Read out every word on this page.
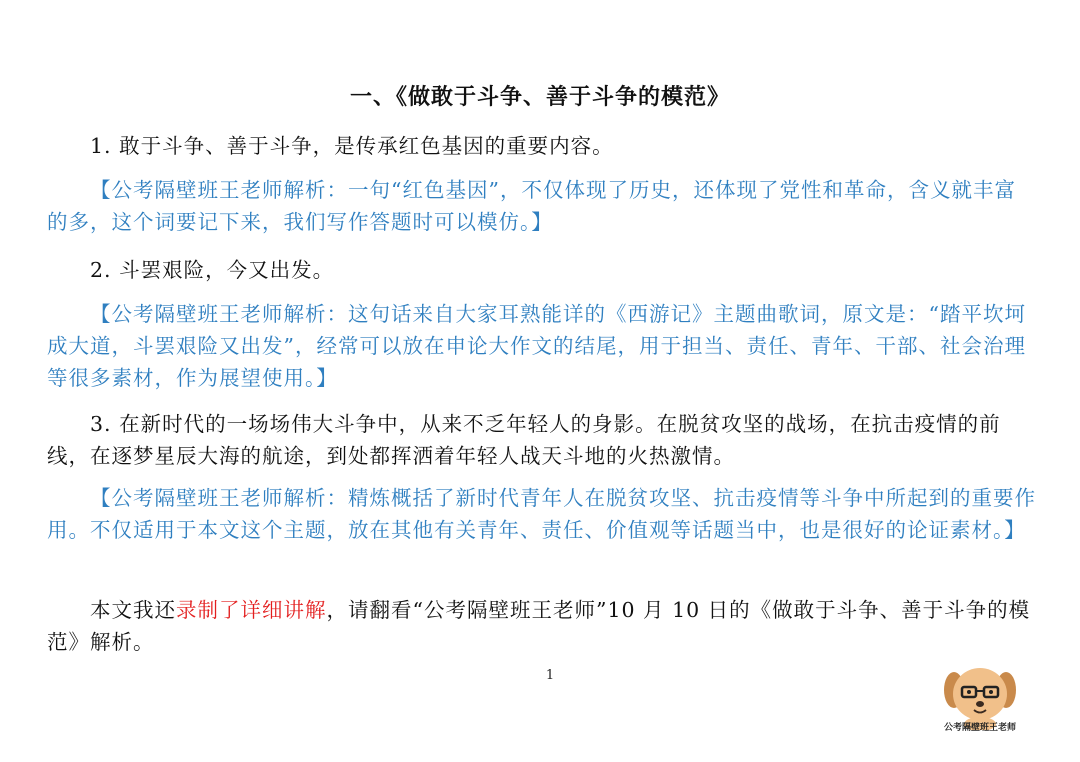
一、《做敢于斗争、善于斗争的模范》

1. 敢于斗争、善于斗争，是传承红色基因的重要内容。

【公考隔壁班王老师解析：一句“红色基因”，不仅体现了历史，还体现了党性和革命，含义就丰富的多，这个词要记下来，我们写作答题时可以模仿。】

2. 斗罢艰险，今又出发。

【公考隔壁班王老师解析：这句话来自大家耳熟能详的《西游记》主题曲歌词，原文是：“踏平坎坷成大道，斗罢艰险又出发”，经常可以放在申论大作文的结尾，用于担当、责任、青年、干部、社会治理等很多素材，作为展望使用。】

3. 在新时代的一场场伟大斗争中，从来不乏年轻人的身影。在脱贫攻坚的战场，在抗击疫情的前线，在逐梦星辰大海的航途，到处都挥洒着年轻人战天斗地的火热激情。

【公考隔壁班王老师解析：精炼概括了新时代青年人在脱贫攻坚、抗击疫情等斗争中所起到的重要作用。不仅适用于本文这个主题，放在其他有关青年、责任、价值观等话题当中，也是很好的论证素材。】

本文我还录制了详细讲解，请翻看“公考隔壁班王老师”10 月 10 日的《做敢于斗争、善于斗争的模范》解析。

1
公考隔壁班王老师
